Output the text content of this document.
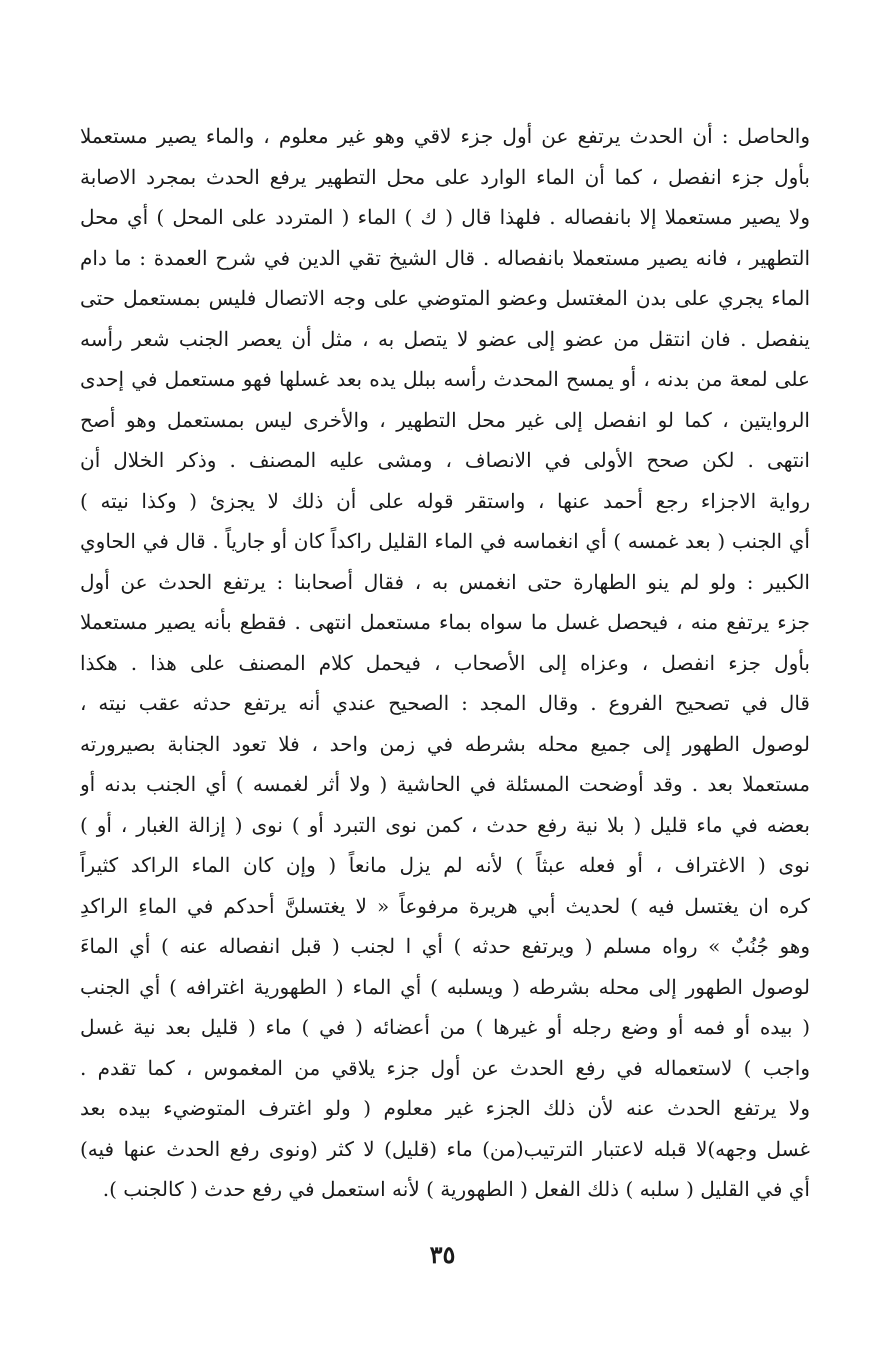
والحاصل : أن الحدث يرتفع عن أول جزء لاقي وهو غير معلوم ، والماء يصير مستعملا
بأول جزء انفصل ، كما أن الماء الوارد على محل التطهير يرفع الحدث بمجرد الاصابة
ولا يصير مستعملا إلا بانفصاله . فلهذا قال ( ك ) الماء ( المتردد على المحل ) أي محل
التطهير ، فانه يصير مستعملا بانفصاله . قال الشيخ تقي الدين في شرح العمدة : ما دام
الماء يجري على بدن المغتسل وعضو المتوضي على وجه الاتصال فليس بمستعمل حتى
ينفصل . فان انتقل من عضو إلى عضو لا يتصل به ، مثل أن يعصر الجنب شعر رأسه
على لمعة من بدنه ، أو يمسح المحدث رأسه ببلل يده بعد غسلها فهو مستعمل في إحدى
الروايتين ، كما لو انفصل إلى غير محل التطهير ، والأخرى ليس بمستعمل وهو أصح
انتهى . لكن صحح الأولى في الانصاف ، ومشى عليه المصنف . وذكر الخلال أن
رواية الاجزاء رجع أحمد عنها ، واستقر قوله على أن ذلك لا يجزئ ( وكذا نيته )
أي الجنب ( بعد غمسه ) أي انغماسه في الماء القليل راكداً كان أو جارياً . قال في الحاوي
الكبير : ولو لم ينو الطهارة حتى انغمس به ، فقال أصحابنا : يرتفع الحدث عن أول
جزء يرتفع منه ، فيحصل غسل ما سواه بماء مستعمل انتهى . فقطع بأنه يصير مستعملا
بأول جزء انفصل ، وعزاه إلى الأصحاب ، فيحمل كلام المصنف على هذا . هكذا
قال في تصحيح الفروع . وقال المجد : الصحيح عندي أنه يرتفع حدثه عقب نيته ،
لوصول الطهور إلى جميع محله بشرطه في زمن واحد ، فلا تعود الجنابة بصيرورته
مستعملا بعد . وقد أوضحت المسئلة في الحاشية ( ولا أثر لغمسه ) أي الجنب بدنه أو
بعضه في ماء قليل ( بلا نية رفع حدث ، كمن نوى التبرد أو ) نوى ( إزالة الغبار ، أو )
نوى ( الاغتراف ، أو فعله عبثاً ) لأنه لم يزل مانعاً ( وإن كان الماء الراكد كثيراً
كره ان يغتسل فيه ) لحديث أبي هريرة مرفوعاً « لا يغتسلنَّ أحدكم في الماءِ الراكدِ
وهو جُنُبٌ » رواه مسلم ( ويرتفع حدثه ) أي ا لجنب ( قبل انفصاله عنه ) أي الماءَ
لوصول الطهور إلى محله بشرطه ( ويسلبه ) أي الماء ( الطهورية اغترافه ) أي الجنب
( بيده أو فمه أو وضع رجله أو غيرها ) من أعضائه ( في ) ماء ( قليل بعد نية غسل
واجب ) لاستعماله في رفع الحدث عن أول جزء يلاقي من المغموس ، كما تقدم .
ولا يرتفع الحدث عنه لأن ذلك الجزء غير معلوم ( ولو اغترف المتوضيء بيده بعد
غسل وجهه)لا قبله لاعتبار الترتيب(من) ماء (قليل) لا كثر (ونوى رفع الحدث عنها فيه)
أي في القليل ( سلبه ) ذلك الفعل ( الطهورية ) لأنه استعمل في رفع حدث ( كالجنب ).
٣٥
